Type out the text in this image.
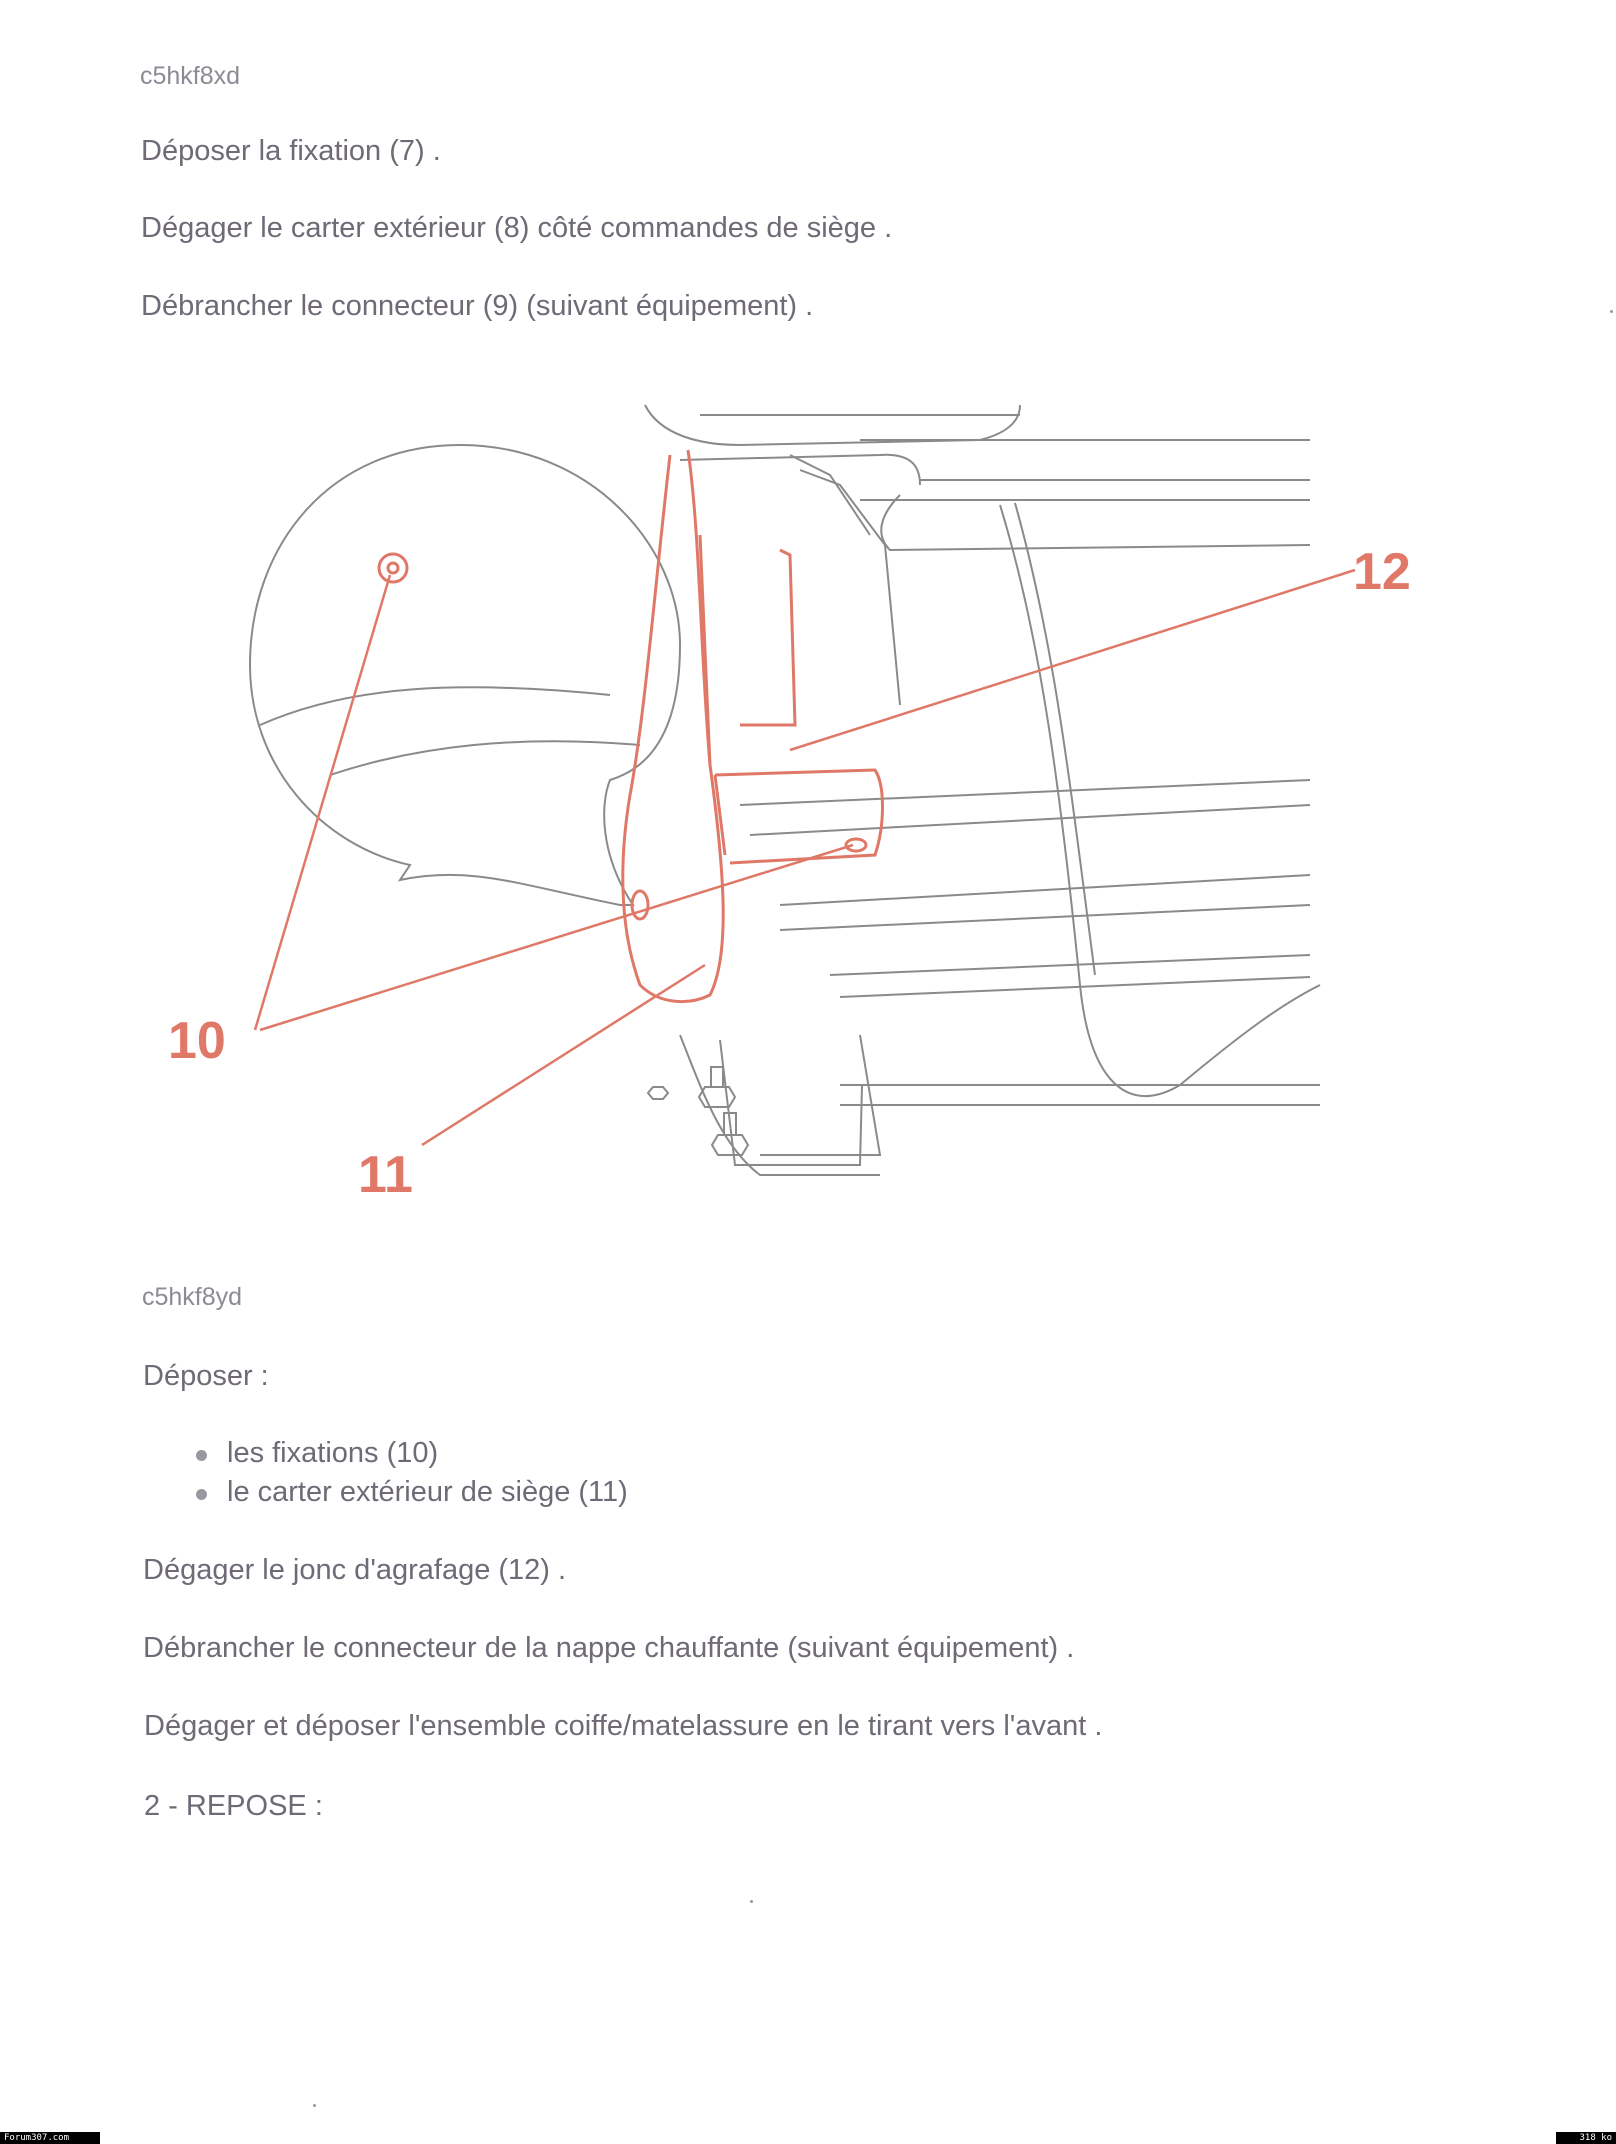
c5hkf8xd
Déposer la fixation (7) .
Dégager le carter extérieur (8) côté commandes de siège .
Débrancher le connecteur (9) (suivant équipement) .
10
11
12
c5hkf8yd
Déposer :
les fixations (10)
le carter extérieur de siège (11)
Dégager le jonc d'agrafage (12) .
Débrancher le connecteur de la nappe chauffante (suivant équipement) .
Dégager et déposer l'ensemble coiffe/matelassure en le tirant vers l'avant .
2 - REPOSE :
Forum307.com	318 ko
